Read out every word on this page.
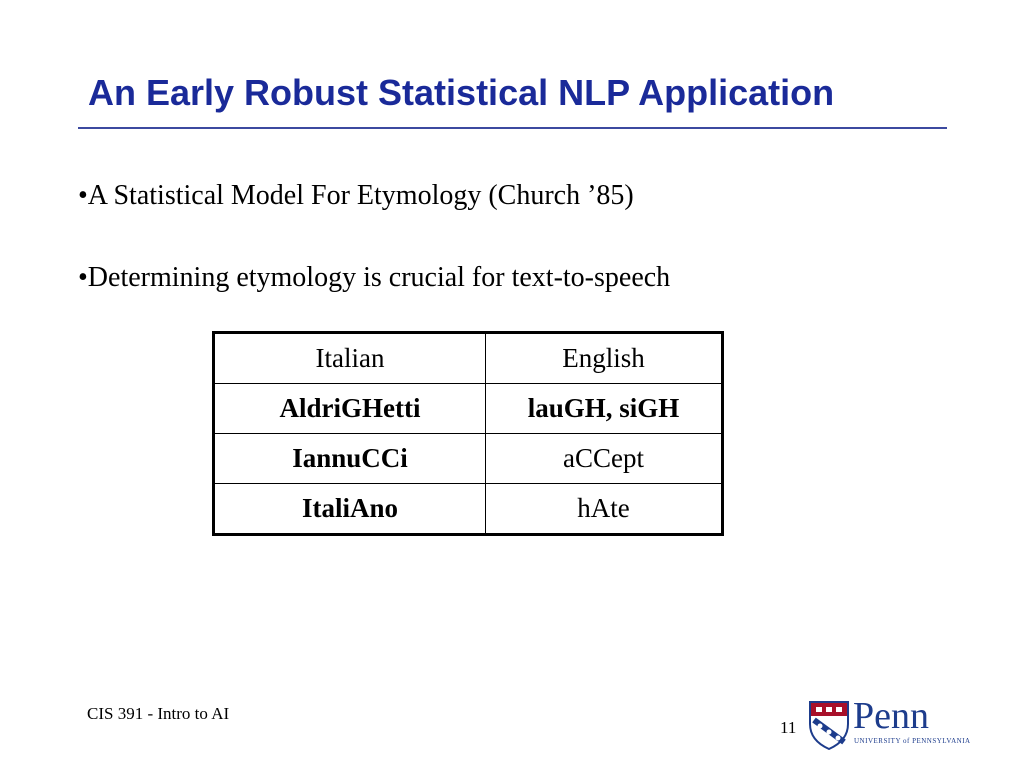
An Early Robust Statistical NLP Application
•A Statistical Model For Etymology (Church ’85)
•Determining etymology is crucial for text-to-speech
Italian	English
AldriGHetti	lauGH, siGH
IannuCCi	aCCept
ItaliAno	hAte
CIS 391 - Intro to AI
11 Penn
UNIVERSITY of PENNSYLVANIA
